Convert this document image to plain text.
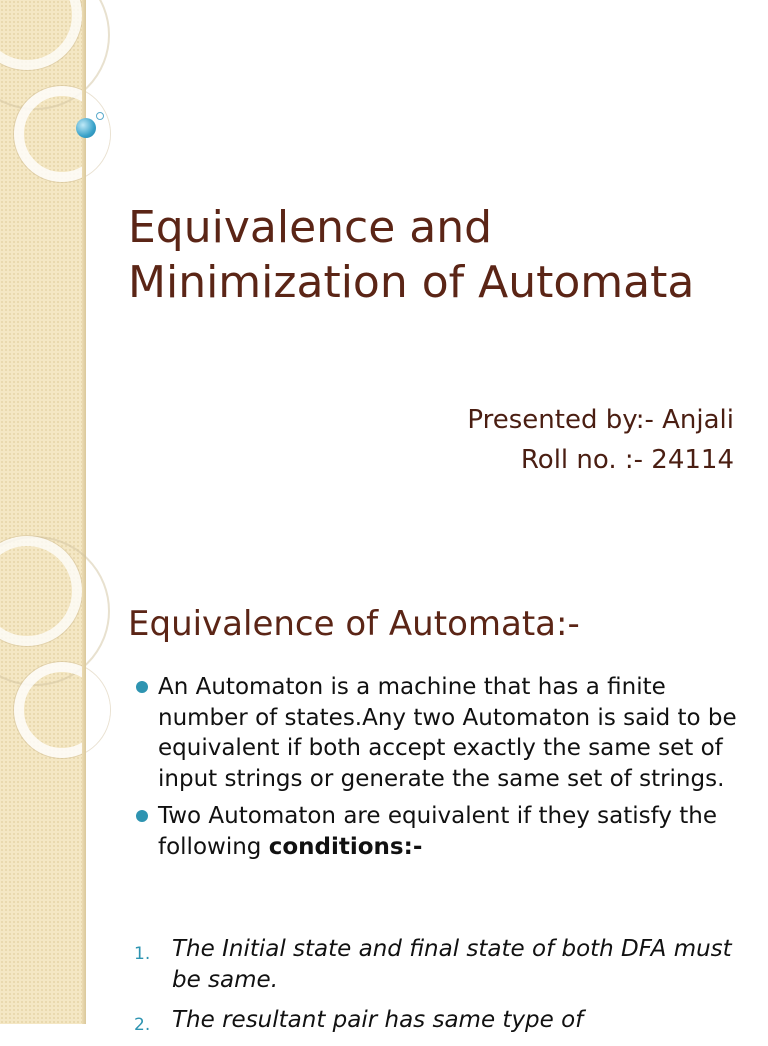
Equivalence and
Minimization of Automata
Presented by:- Anjali
Roll no. :- 24114
Equivalence of Automata:-
An Automaton is a machine that has a finite number of states.Any two Automaton is said to be equivalent if both accept exactly the same set of input strings or generate the same set of strings.
Two Automaton are equivalent if they satisfy the following conditions:-
1. The Initial state and final state of both DFA must be same.
2. The resultant pair has same type of
